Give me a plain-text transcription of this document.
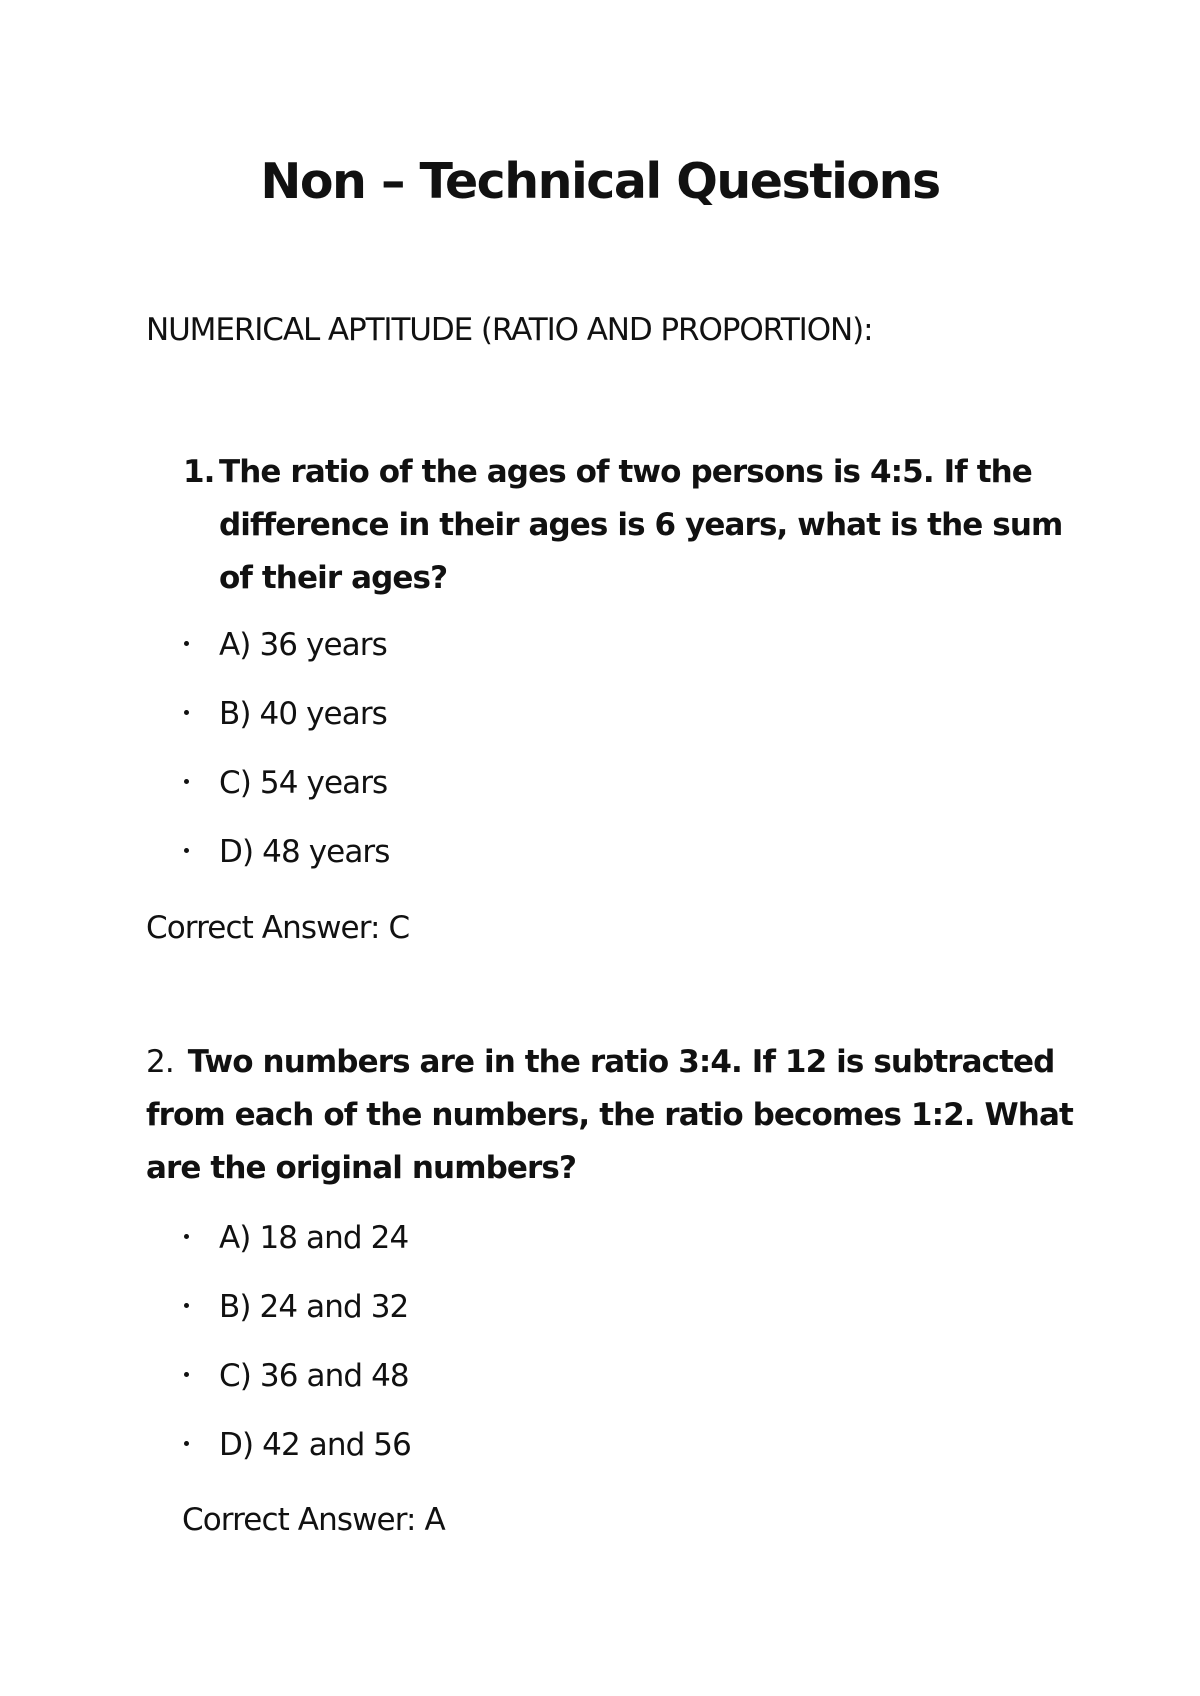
Non – Technical Questions

NUMERICAL APTITUDE (RATIO AND PROPORTION):

1. The ratio of the ages of two persons is 4:5. If the difference in their ages is 6 years, what is the sum of their ages?
A) 36 years
B) 40 years
C) 54 years
D) 48 years

Correct Answer: C

2. Two numbers are in the ratio 3:4. If 12 is subtracted from each of the numbers, the ratio becomes 1:2. What are the original numbers?
A) 18 and 24
B) 24 and 32
C) 36 and 48
D) 42 and 56

Correct Answer: A
